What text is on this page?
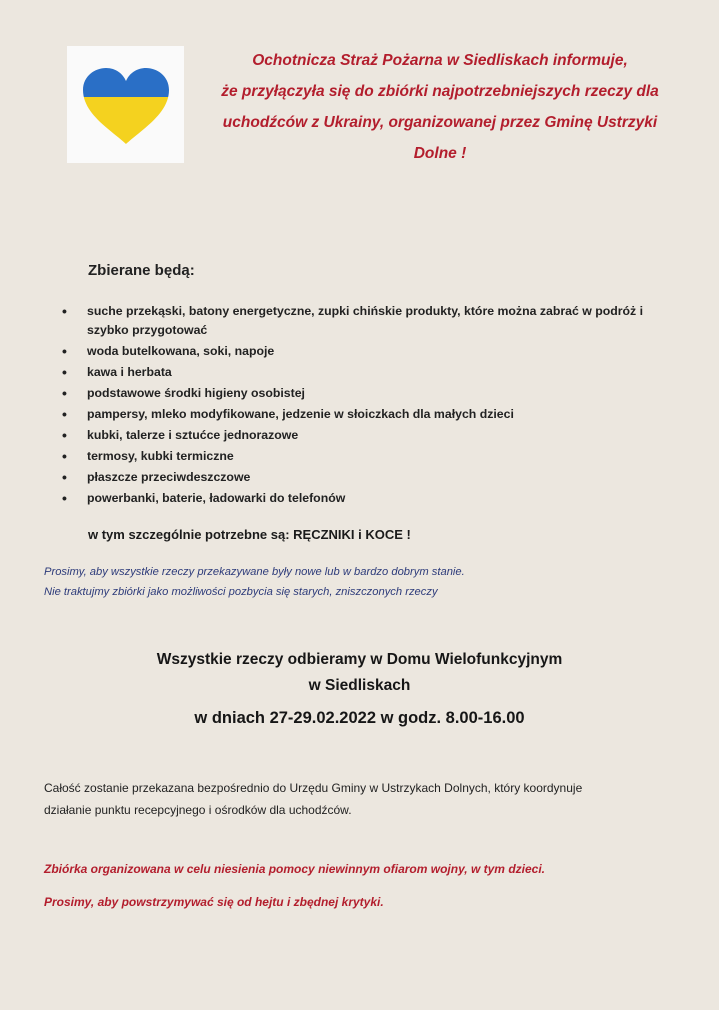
Ochotnicza Straż Pożarna w Siedliskach informuje,
że przyłączyła się do zbiórki najpotrzebniejszych rzeczy dla
uchodźców z Ukrainy, organizowanej przez Gminę Ustrzyki
Dolne !
Zbierane będą:
• suche przekąski, batony energetyczne, zupki chińskie produkty, które można zabrać w podróż i szybko przygotować
• woda butelkowana, soki, napoje
• kawa i herbata
• podstawowe środki higieny osobistej
• pampersy, mleko modyfikowane, jedzenie w słoiczkach dla małych dzieci
• kubki, talerze i sztućce jednorazowe
• termosy, kubki termiczne
• płaszcze przeciwdeszczowe
• powerbanki, baterie, ładowarki do telefonów
w tym szczególnie potrzebne są: RĘCZNIKI i KOCE !
Prosimy, aby wszystkie rzeczy przekazywane były nowe lub w bardzo dobrym stanie.
Nie traktujmy zbiórki jako możliwości pozbycia się starych, zniszczonych rzeczy
Wszystkie rzeczy odbieramy w Domu Wielofunkcyjnym
w Siedliskach
w dniach 27-29.02.2022 w godz. 8.00-16.00
Całość zostanie przekazana bezpośrednio do Urzędu Gminy w Ustrzykach Dolnych, który koordynuje
działanie punktu recepcyjnego i ośrodków dla uchodźców.
Zbiórka organizowana w celu niesienia pomocy niewinnym ofiarom wojny, w tym dzieci.
Prosimy, aby powstrzymywać się od hejtu i zbędnej krytyki.
